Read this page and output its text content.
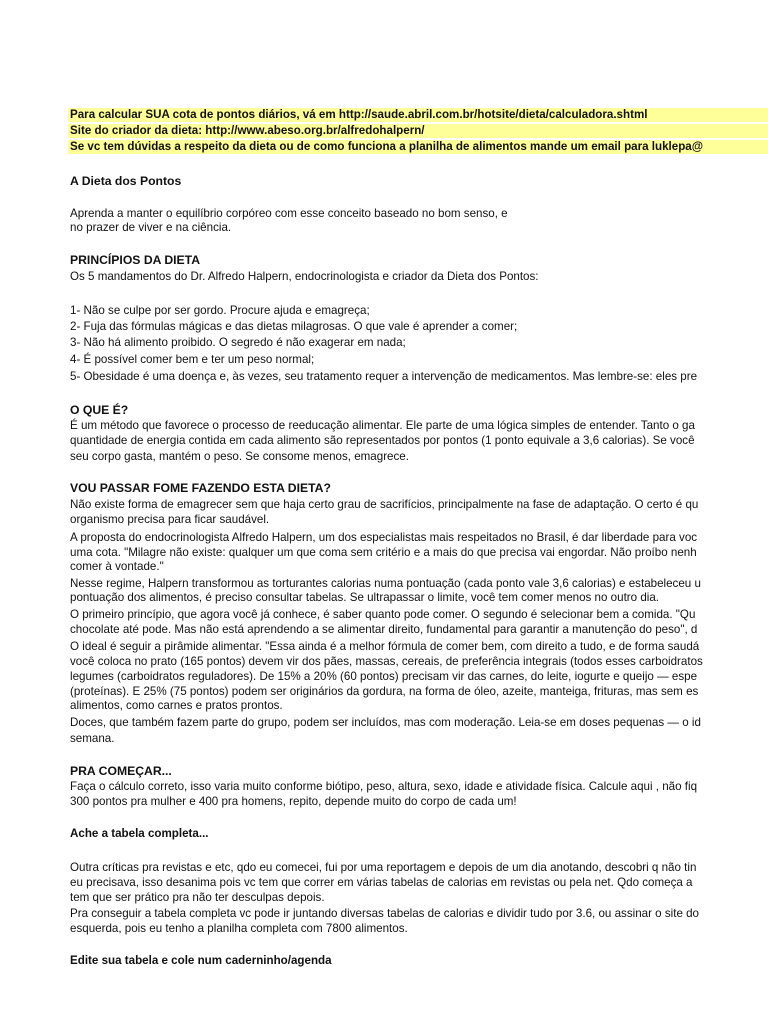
Para calcular SUA cota de pontos diários, vá em http://saude.abril.com.br/hotsite/dieta/calculadora.shtml
Site do criador da dieta: http://www.abeso.org.br/alfredohalpern/
Se vc tem dúvidas a respeito da dieta ou de como funciona a planilha de alimentos mande um email para luklepa@
A Dieta dos Pontos
Aprenda a manter o equilíbrio corpóreo com esse conceito baseado no bom senso, e
no prazer de viver e na ciência.
PRINCÍPIOS DA DIETA
Os 5 mandamentos do Dr. Alfredo Halpern, endocrinologista e criador da Dieta dos Pontos:
1- Não se culpe por ser gordo. Procure ajuda e emagreça;
2- Fuja das fórmulas mágicas e das dietas milagrosas. O que vale é aprender a comer;
3- Não há alimento proibido. O segredo é não exagerar em nada;
4- É possível comer bem e ter um peso normal;
5- Obesidade é uma doença e, às vezes, seu tratamento requer a intervenção de medicamentos. Mas lembre-se: eles pre
O QUE É?
É um método que favorece o processo de reeducação alimentar. Ele parte de uma lógica simples de entender. Tanto o ga
quantidade de energia contida em cada alimento são representados por pontos (1 ponto equivale a 3,6 calorias). Se você
seu corpo gasta, mantém o peso. Se consome menos, emagrece.
VOU PASSAR FOME FAZENDO ESTA DIETA?
Não existe forma de emagrecer sem que haja certo grau de sacrifícios, principalmente na fase de adaptação. O certo é qu
organismo precisa para ficar saudável.
A proposta do endocrinologista Alfredo Halpern, um dos especialistas mais respeitados no Brasil, é dar liberdade para voc
uma cota. "Milagre não existe: qualquer um que coma sem critério e a mais do que precisa vai engordar. Não proíbo nenh
comer à vontade."
Nesse regime, Halpern transformou as torturantes calorias numa pontuação (cada ponto vale 3,6 calorias) e estabeleceu u
pontuação dos alimentos, é preciso consultar tabelas. Se ultrapassar o limite, você tem comer menos no outro dia.
O primeiro princípio, que agora você já conhece, é saber quanto pode comer. O segundo é selecionar bem a comida. "Qu
chocolate até pode. Mas não está aprendendo a se alimentar direito, fundamental para garantir a manutenção do peso", d
O ideal é seguir a pirâmide alimentar. "Essa ainda é a melhor fórmula de comer bem, com direito a tudo, e de forma saudá
você coloca no prato (165 pontos) devem vir dos pães, massas, cereais, de preferência integrais (todos esses carboidratos
legumes (carboidratos reguladores). De 15% a 20% (60 pontos) precisam vir das carnes, do leite, iogurte e queijo — espe
(proteínas). E 25% (75 pontos) podem ser originários da gordura, na forma de óleo, azeite, manteiga, frituras, mas sem es
alimentos, como carnes e pratos prontos.
Doces, que também fazem parte do grupo, podem ser incluídos, mas com moderação. Leia-se em doses pequenas — o id
semana.
PRA COMEÇAR...
Faça o cálculo correto, isso varia muito conforme biótipo, peso, altura, sexo, idade e atividade física. Calcule aqui , não fiq
300 pontos pra mulher e 400 pra homens, repito, depende muito do corpo de cada um!
Ache a tabela completa...
Outra críticas pra revistas e etc, qdo eu comecei, fui por uma reportagem e depois de um dia anotando, descobri q não tin
eu precisava, isso desanima pois vc tem que correr em várias tabelas de calorias em revistas ou pela net. Qdo começa a
tem que ser prático pra não ter desculpas depois.
Pra conseguir a tabela completa vc pode ir juntando diversas tabelas de calorias e dividir tudo por 3.6, ou assinar o site do
esquerda, pois eu tenho a planilha completa com 7800 alimentos.
Edite sua tabela e cole num caderninho/agenda
